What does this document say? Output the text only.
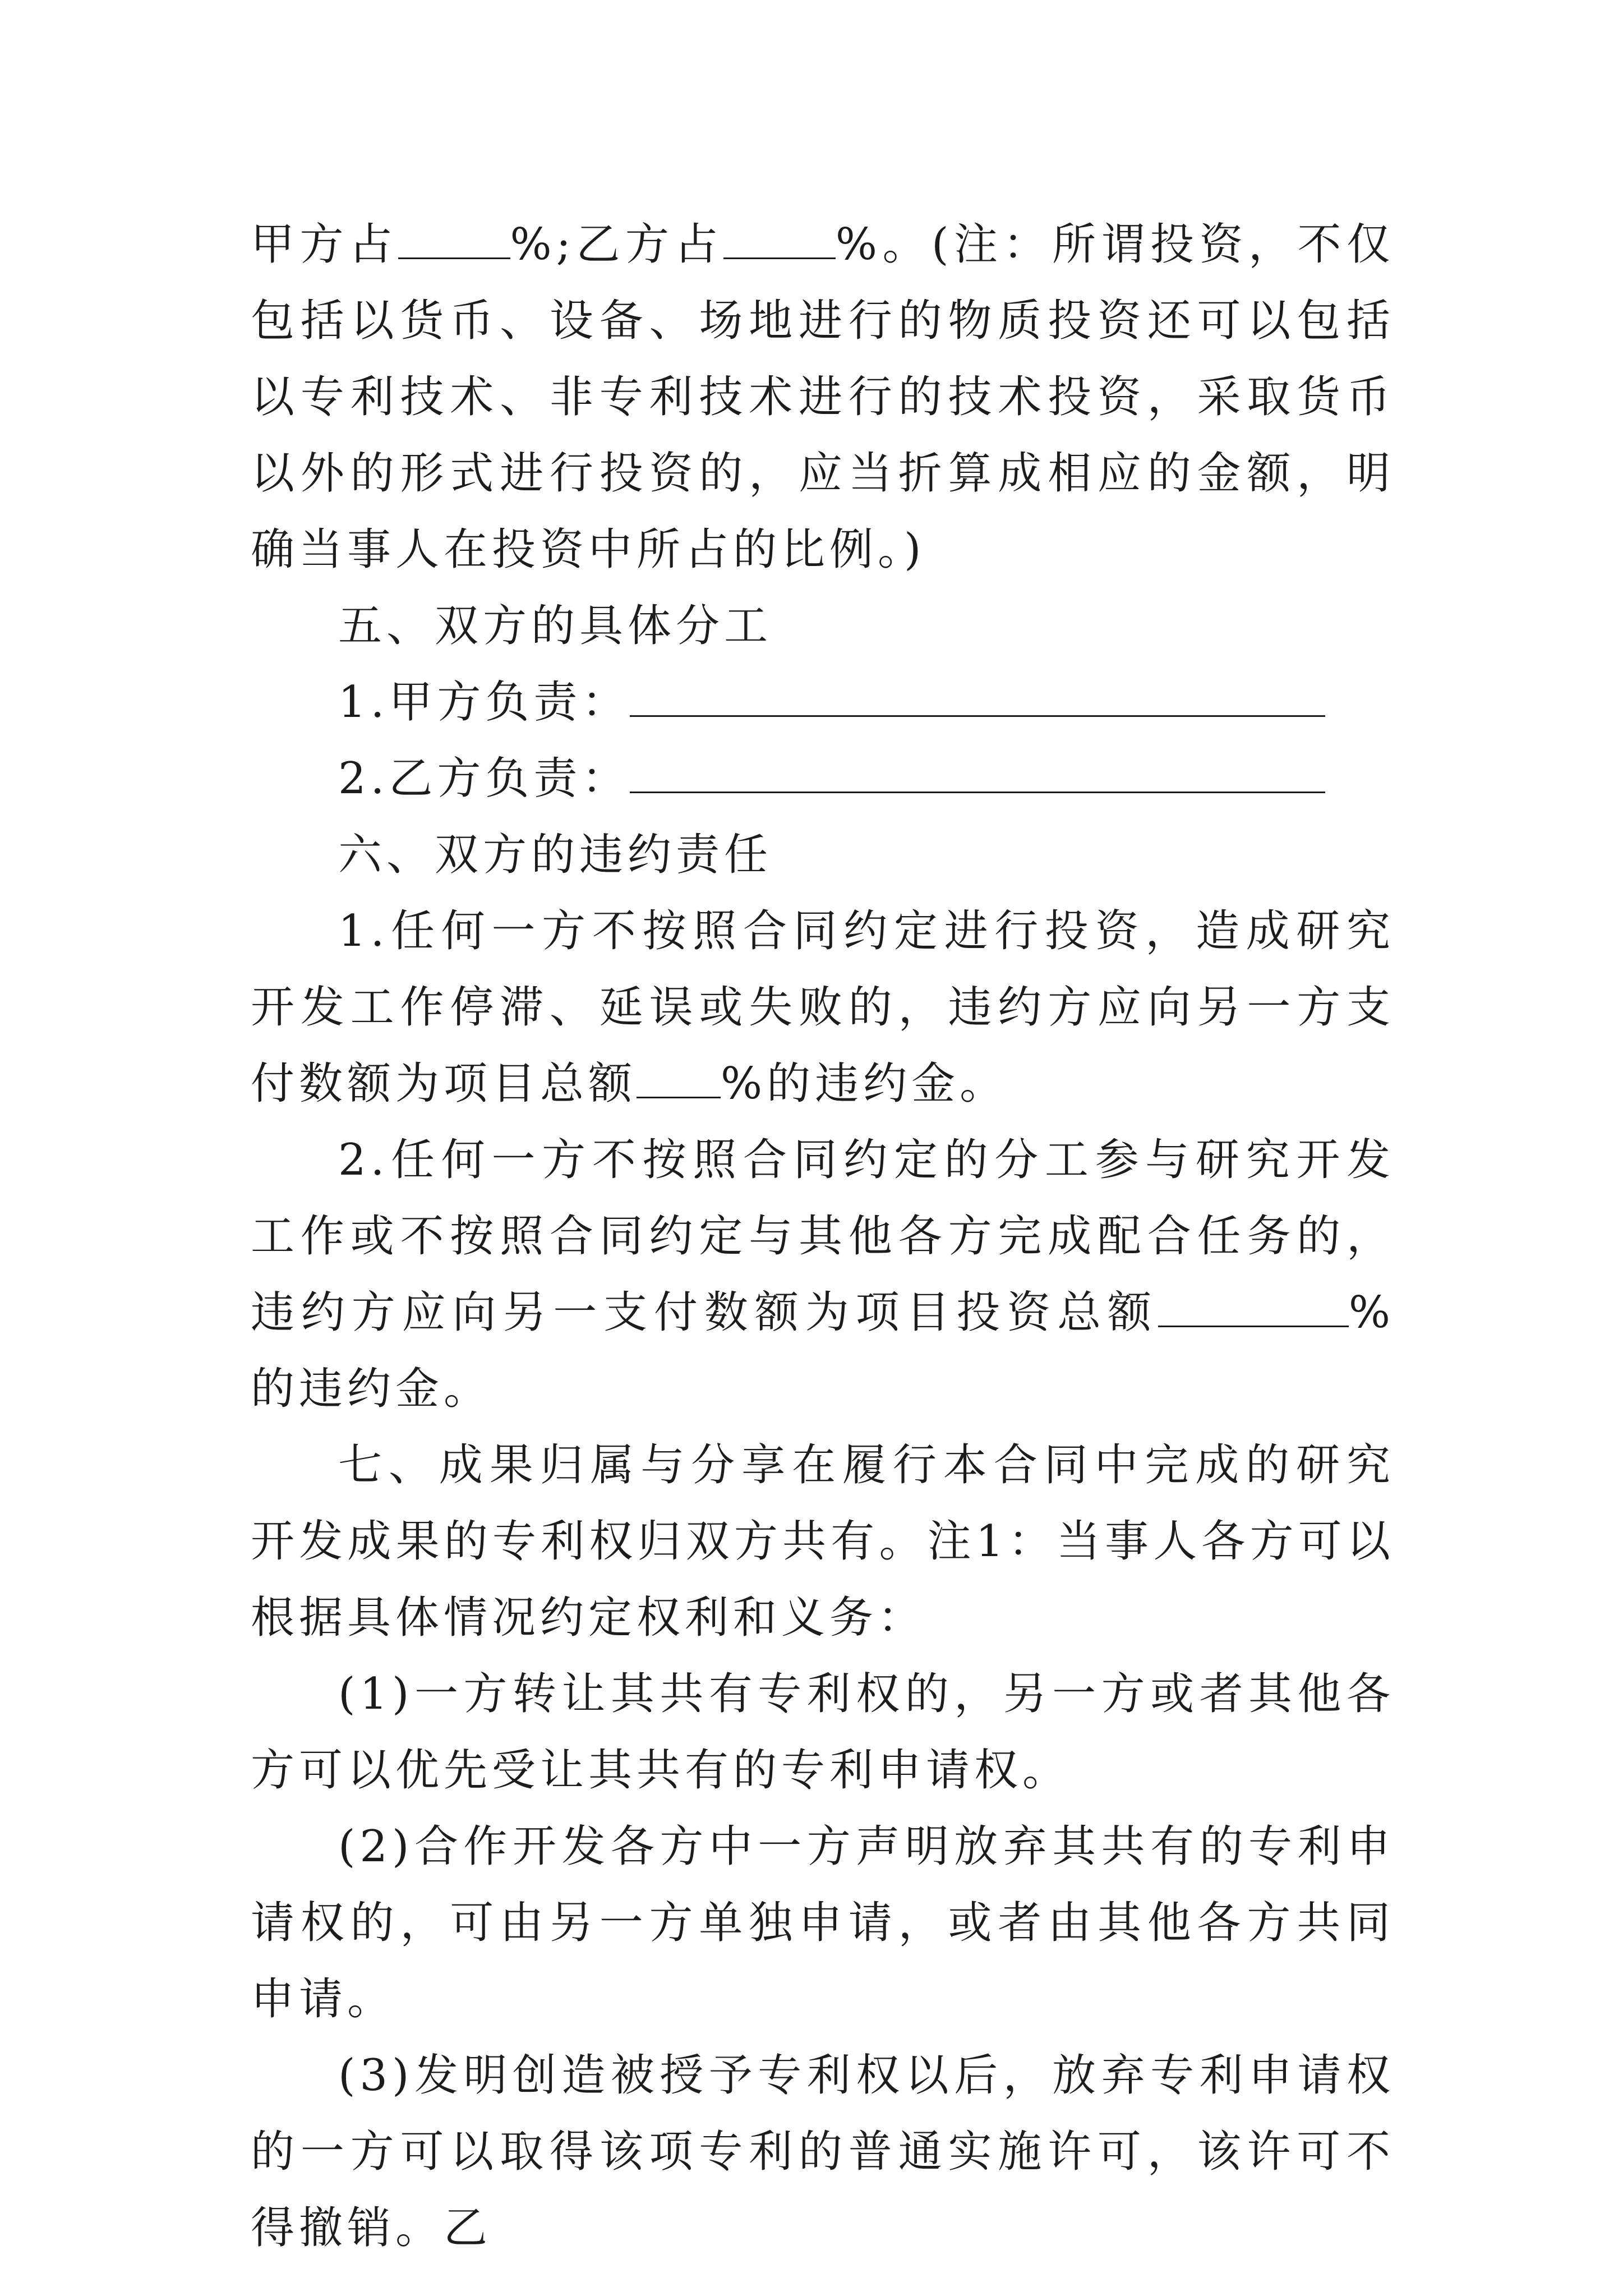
甲方占	%;乙方占	%。(注：所谓投资，不仅包括以货币、设备、场地进行的物质投资还可以包括以专利技术、非专利技术进行的技术投资，采取货币以外的形式进行投资的，应当折算成相应的金额，明确当事人在投资中所占的比例。)

五、双方的具体分工

1.甲方负责：

2.乙方负责：

六、双方的违约责任

1.任何一方不按照合同约定进行投资，造成研究开发工作停滞、延误或失败的，违约方应向另一方支付数额为项目总额 %的违约金。

2.任何一方不按照合同约定的分工参与研究开发工作或不按照合同约定与其他各方完成配合任务的，违约方应向另一支付数额为项目投资总额	%的违约金。

七、成果归属与分享在履行本合同中完成的研究开发成果的专利权归双方共有。注1：当事人各方可以根据具体情况约定权利和义务：

(1)一方转让其共有专利权的，另一方或者其他各方可以优先受让其共有的专利申请权。

(2)合作开发各方中一方声明放弃其共有的专利申请权的，可由另一方单独申请，或者由其他各方共同申请。

(3)发明创造被授予专利权以后，放弃专利申请权的一方可以取得该项专利的普通实施许可，该许可不得撤销。乙
